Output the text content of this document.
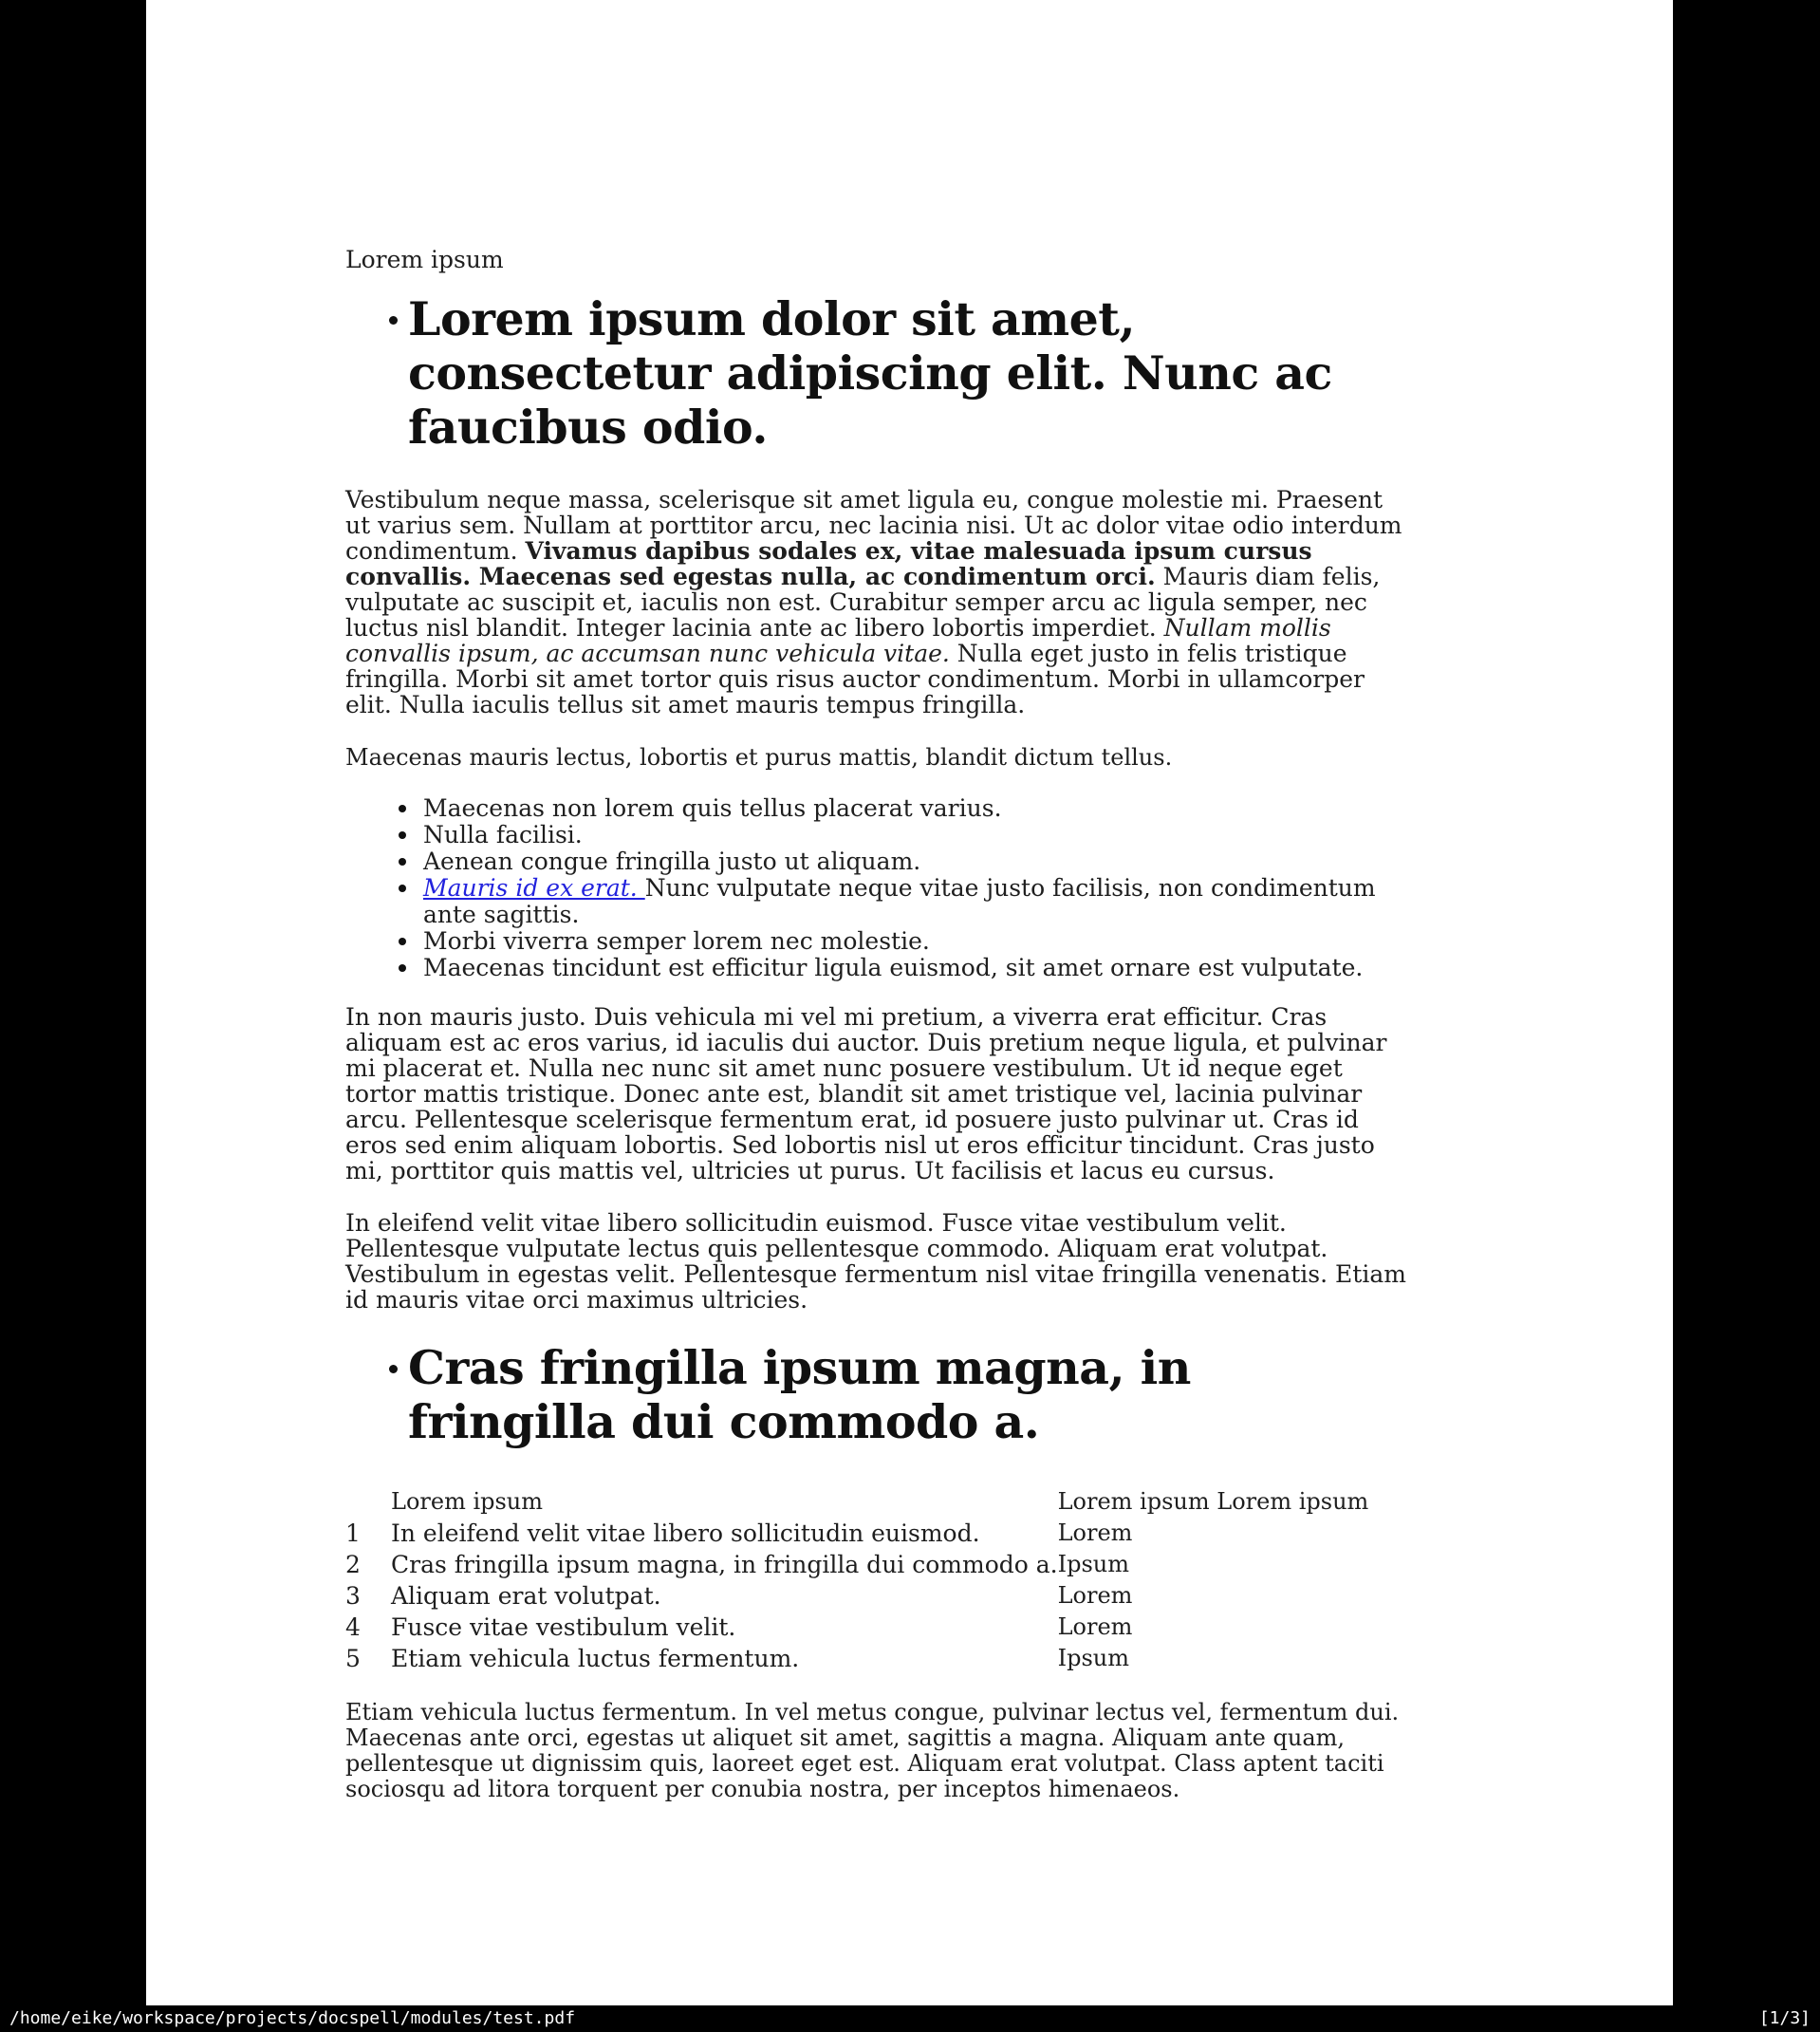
Lorem ipsum
Lorem ipsum dolor sit amet, consectetur adipiscing elit. Nunc ac faucibus odio.

Vestibulum neque massa, scelerisque sit amet ligula eu, congue molestie mi. Praesent ut varius sem. Nullam at porttitor arcu, nec lacinia nisi. Ut ac dolor vitae odio interdum condimentum. Vivamus dapibus sodales ex, vitae malesuada ipsum cursus convallis. Maecenas sed egestas nulla, ac condimentum orci. Mauris diam felis, vulputate ac suscipit et, iaculis non est. Curabitur semper arcu ac ligula semper, nec luctus nisl blandit. Integer lacinia ante ac libero lobortis imperdiet. Nullam mollis convallis ipsum, ac accumsan nunc vehicula vitae. Nulla eget justo in felis tristique fringilla. Morbi sit amet tortor quis risus auctor condimentum. Morbi in ullamcorper elit. Nulla iaculis tellus sit amet mauris tempus fringilla.

Maecenas mauris lectus, lobortis et purus mattis, blandit dictum tellus.

Maecenas non lorem quis tellus placerat varius.
Nulla facilisi.
Aenean congue fringilla justo ut aliquam.
Mauris id ex erat. Nunc vulputate neque vitae justo facilisis, non condimentum ante sagittis.
Morbi viverra semper lorem nec molestie.
Maecenas tincidunt est efficitur ligula euismod, sit amet ornare est vulputate.

In non mauris justo. Duis vehicula mi vel mi pretium, a viverra erat efficitur. Cras aliquam est ac eros varius, id iaculis dui auctor. Duis pretium neque ligula, et pulvinar mi placerat et. Nulla nec nunc sit amet nunc posuere vestibulum. Ut id neque eget tortor mattis tristique. Donec ante est, blandit sit amet tristique vel, lacinia pulvinar arcu. Pellentesque scelerisque fermentum erat, id posuere justo pulvinar ut. Cras id eros sed enim aliquam lobortis. Sed lobortis nisl ut eros efficitur tincidunt. Cras justo mi, porttitor quis mattis vel, ultricies ut purus. Ut facilisis et lacus eu cursus.

In eleifend velit vitae libero sollicitudin euismod. Fusce vitae vestibulum velit. Pellentesque vulputate lectus quis pellentesque commodo. Aliquam erat volutpat. Vestibulum in egestas velit. Pellentesque fermentum nisl vitae fringilla venenatis. Etiam id mauris vitae orci maximus ultricies.

Cras fringilla ipsum magna, in fringilla dui commodo a.
	Lorem ipsum	Lorem ipsum Lorem ipsum
1	In eleifend velit vitae libero sollicitudin euismod.	Lorem
2	Cras fringilla ipsum magna, in fringilla dui commodo a.	Ipsum
3	Aliquam erat volutpat.	Lorem
4	Fusce vitae vestibulum velit.	Lorem
5	Etiam vehicula luctus fermentum.	Ipsum

Etiam vehicula luctus fermentum. In vel metus congue, pulvinar lectus vel, fermentum dui. Maecenas ante orci, egestas ut aliquet sit amet, sagittis a magna. Aliquam ante quam, pellentesque ut dignissim quis, laoreet eget est. Aliquam erat volutpat. Class aptent taciti sociosqu ad litora torquent per conubia nostra, per inceptos himenaeos.

/home/eike/workspace/projects/docspell/modules/test.pdf	[1/3]
